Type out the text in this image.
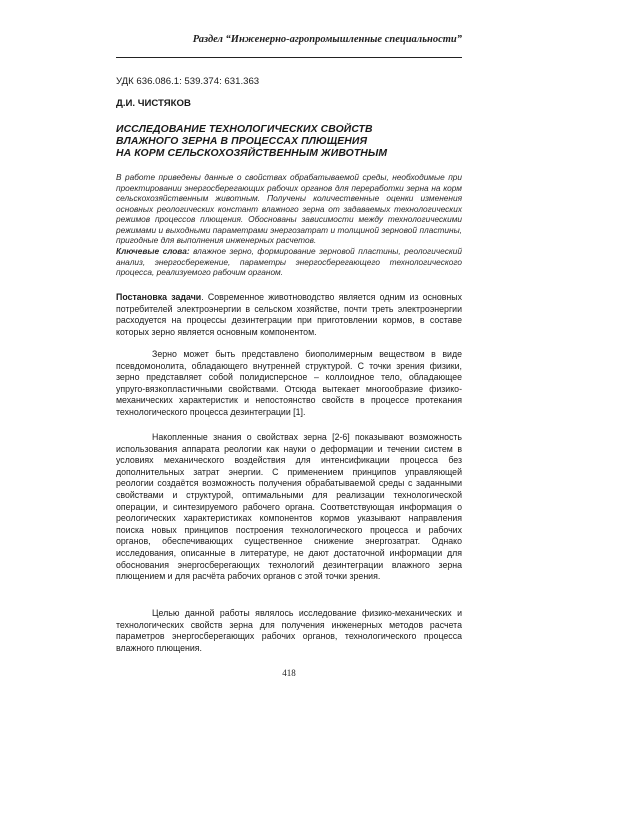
Раздел “Инженерно-агропромышленные специальности”
УДК 636.086.1: 539.374: 631.363
Д.И. ЧИСТЯКОВ
ИССЛЕДОВАНИЕ ТЕХНОЛОГИЧЕСКИХ СВОЙСТВ
ВЛАЖНОГО ЗЕРНА В ПРОЦЕССАХ ПЛЮЩЕНИЯ
НА КОРМ СЕЛЬСКОХОЗЯЙСТВЕННЫМ ЖИВОТНЫМ
В работе приведены данные о свойствах обрабатываемой среды, необходимые при проектировании энергосберегающих рабочих органов для переработки зерна на корм сельскохозяйственным животным. Получены количественные оценки изменения основных реологических констант влажного зерна от задаваемых технологических режимов процессов плющения. Обоснованы зависимости между технологическими режимами и выходными параметрами энергозатрат и толщиной зерновой пластины, пригодные для выполнения инженерных расчетов.
Ключевые слова: влажное зерно, формирование зерновой пластины, реологический анализ, энергосбережение, параметры энергосберегающего технологического процесса, реализуемого рабочим органом.
Постановка задачи. Современное животноводство является одним из основных потребителей электроэнергии в сельском хозяйстве, почти треть электроэнергии расходуется на процессы дезинтеграции при приготовлении кормов, в составе которых зерно является основным компонентом.
Зерно может быть представлено биополимерным веществом в виде псевдомонолита, обладающего внутренней структурой. С точки зрения физики, зерно представляет собой полидисперсное – коллоидное тело, обладающее упруго-вязкопластичными свойствами. Отсюда вытекает многообразие физико-механических характеристик и непостоянство свойств в процессе протекания технологического процесса дезинтеграции [1].
Накопленные знания о свойствах зерна [2-6] показывают возможность использования аппарата реологии как науки о деформации и течении систем в условиях механического воздействия для интенсификации процесса без дополнительных затрат энергии. С применением принципов управляющей реологии создаётся возможность получения обрабатываемой среды с заданными свойствами и структурой, оптимальными для реализации технологической операции, и синтезируемого рабочего органа. Соответствующая информация о реологических характеристиках компонентов кормов указывают направления поиска новых принципов построения технологического процесса и рабочих органов, обеспечивающих существенное снижение энергозатрат. Однако исследования, описанные в литературе, не дают достаточной информации для обоснования энергосберегающих технологий дезинтеграции влажного зерна плющением и для расчёта рабочих органов с этой точки зрения.
Целью данной работы являлось исследование физико-механических и технологических свойств зерна для получения инженерных методов расчета параметров энергосберегающих рабочих органов, технологического процесса влажного плющения.
418
